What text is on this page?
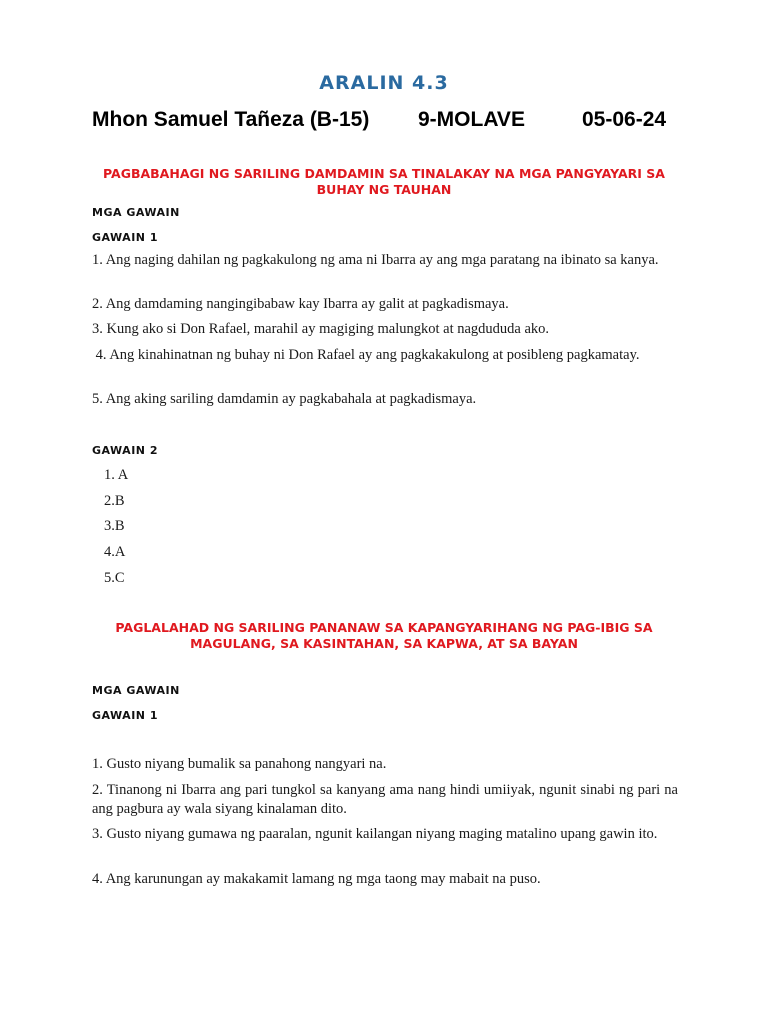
ARALIN 4.3
Mhon Samuel Tañeza (B-15) 9-MOLAVE	05-06-24
PAGBABAHAGI NG SARILING DAMDAMIN SA TINALAKAY NA MGA PANGYAYARI SA BUHAY NG TAUHAN
MGA GAWAIN
GAWAIN 1
1. Ang naging dahilan ng pagkakulong ng ama ni Ibarra ay ang mga paratang na ibinato sa kanya.
2. Ang damdaming nangingibabaw kay Ibarra ay galit at pagkadismaya.
3. Kung ako si Don Rafael, marahil ay magiging malungkot at nagdududa ako.
4. Ang kinahinatnan ng buhay ni Don Rafael ay ang pagkakakulong at posibleng pagkamatay.
5. Ang aking sariling damdamin ay pagkabahala at pagkadismaya.
GAWAIN 2
1. A
2.B
3.B
4.A
5.C
PAGLALAHAD NG SARILING PANANAW SA KAPANGYARIHANG NG PAG-IBIG SA MAGULANG, SA KASINTAHAN, SA KAPWA, AT SA BAYAN
MGA GAWAIN
GAWAIN 1
1. Gusto niyang bumalik sa panahong nangyari na.
2. Tinanong ni Ibarra ang pari tungkol sa kanyang ama nang hindi umiiyak, ngunit sinabi ng pari na ang pagbura ay wala siyang kinalaman dito.
3. Gusto niyang gumawa ng paaralan, ngunit kailangan niyang maging matalino upang gawin ito.
4. Ang karunungan ay makakamit lamang ng mga taong may mabait na puso.
